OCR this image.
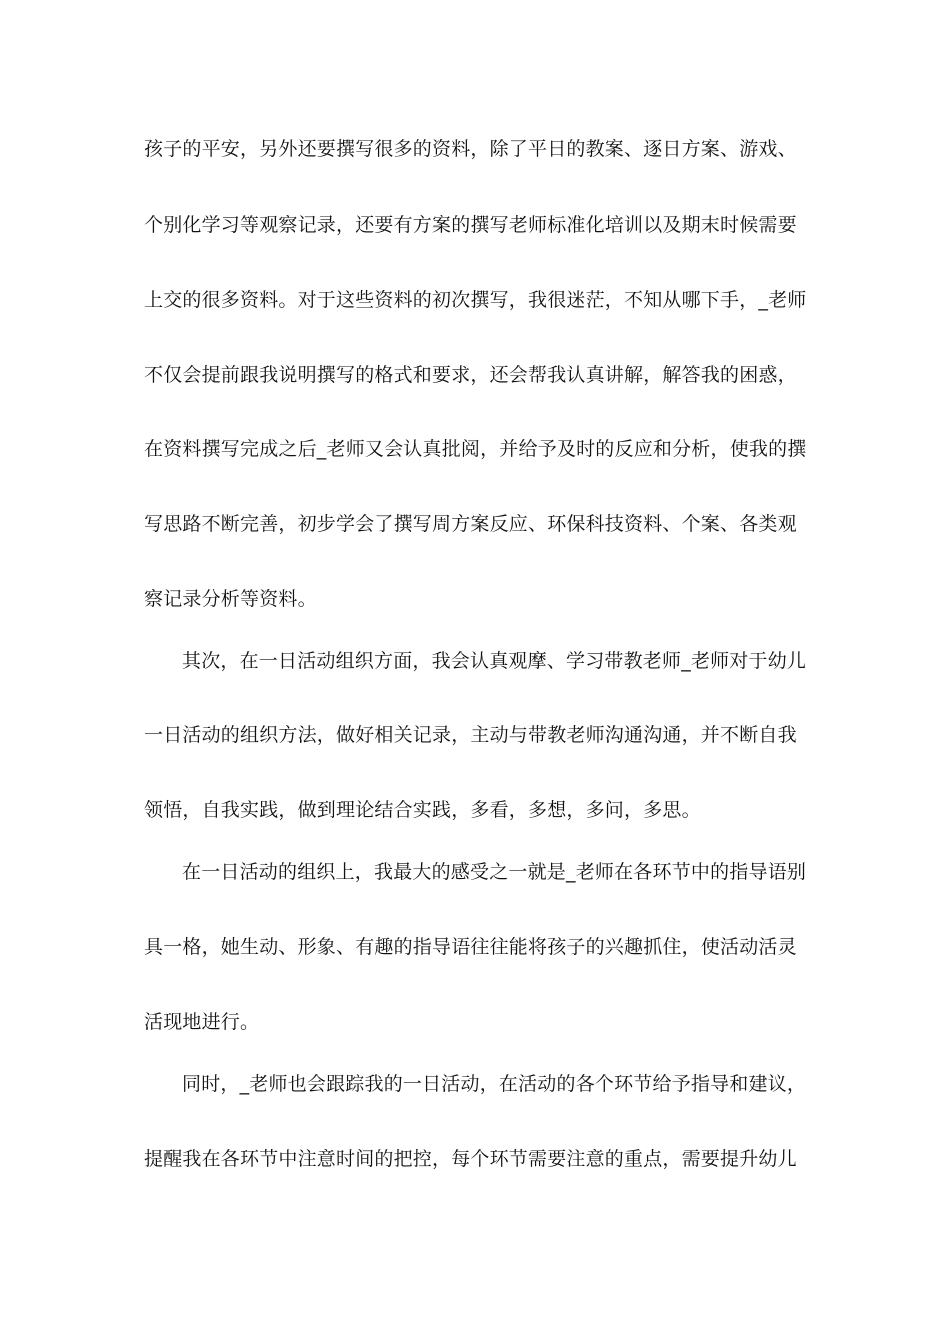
孩子的平安，另外还要撰写很多的资料，除了平日的教案、逐日方案、游戏、
个别化学习等观察记录，还要有方案的撰写老师标准化培训以及期末时候需要
上交的很多资料。对于这些资料的初次撰写，我很迷茫，不知从哪下手，_老师
不仅会提前跟我说明撰写的格式和要求，还会帮我认真讲解，解答我的困惑，
在资料撰写完成之后_老师又会认真批阅，并给予及时的反应和分析，使我的撰
写思路不断完善，初步学会了撰写周方案反应、环保科技资料、个案、各类观
察记录分析等资料。
其次，在一日活动组织方面，我会认真观摩、学习带教老师_老师对于幼儿
一日活动的组织方法，做好相关记录，主动与带教老师沟通沟通，并不断自我
领悟，自我实践，做到理论结合实践，多看，多想，多问，多思。
在一日活动的组织上，我最大的感受之一就是_老师在各环节中的指导语别
具一格，她生动、形象、有趣的指导语往往能将孩子的兴趣抓住，使活动活灵
活现地进行。
同时，_老师也会跟踪我的一日活动，在活动的各个环节给予指导和建议，
提醒我在各环节中注意时间的把控，每个环节需要注意的重点，需要提升幼儿
